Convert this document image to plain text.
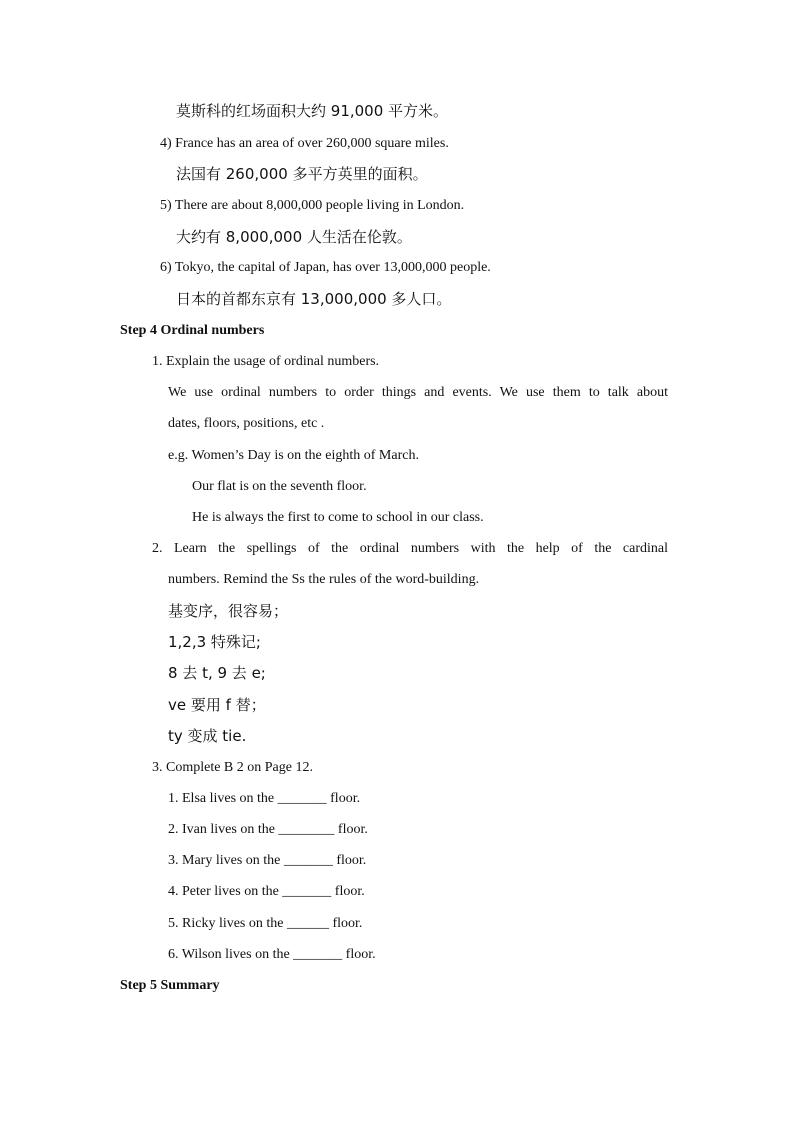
莫斯科的红场面积大约 91,000 平方米。
4) France has an area of over 260,000 square miles.
法国有 260,000 多平方英里的面积。
5) There are about 8,000,000 people living in London.
大约有 8,000,000 人生活在伦敦。
6) Tokyo, the capital of Japan, has over 13,000,000 people.
日本的首都东京有 13,000,000 多人口。
Step 4 Ordinal numbers
1. Explain the usage of ordinal numbers.
We use ordinal numbers to order things and events. We use them to talk about
dates, floors, positions, etc .
e.g. Women’s Day is on the eighth of March.
Our flat is on the seventh floor.
He is always the first to come to school in our class.
2. Learn the spellings of the ordinal numbers with the help of the cardinal
numbers. Remind the Ss the rules of the word-building.
基变序，很容易；
1,2,3 特殊记;
8 去 t, 9 去 e;
ve 要用 f 替；
ty 变成 tie.
3. Complete B 2 on Page 12.
1. Elsa lives on the _______ floor.
2. Ivan lives on the ________ floor.
3. Mary lives on the _______ floor.
4. Peter lives on the _______ floor.
5. Ricky lives on the ______ floor.
6. Wilson lives on the _______ floor.
Step 5 Summary
